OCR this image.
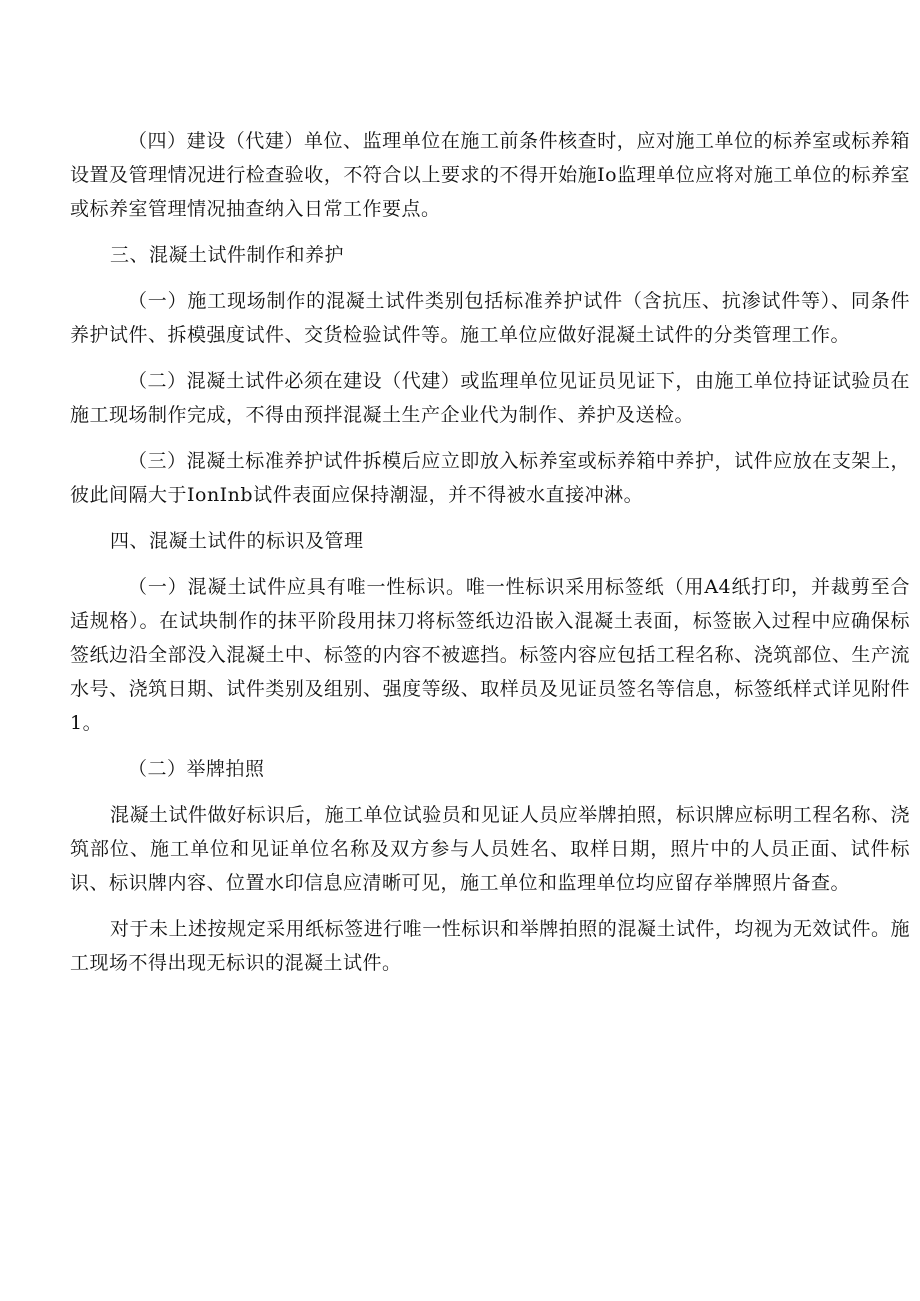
（四）建设（代建）单位、监理单位在施工前条件核查时，应对施工单位的标养室或标养箱设置及管理情况进行检查验收，不符合以上要求的不得开始施Io监理单位应将对施工单位的标养室或标养室管理情况抽查纳入日常工作要点。

三、混凝土试件制作和养护

（一）施工现场制作的混凝土试件类别包括标准养护试件（含抗压、抗渗试件等）、同条件养护试件、拆模强度试件、交货检验试件等。施工单位应做好混凝土试件的分类管理工作。

（二）混凝土试件必须在建设（代建）或监理单位见证员见证下，由施工单位持证试验员在施工现场制作完成，不得由预拌混凝土生产企业代为制作、养护及送检。

（三）混凝土标准养护试件拆模后应立即放入标养室或标养箱中养护，试件应放在支架上，彼此间隔大于IonInb试件表面应保持潮湿，并不得被水直接冲淋。

四、混凝土试件的标识及管理

（一）混凝土试件应具有唯一性标识。唯一性标识采用标签纸（用A4纸打印，并裁剪至合适规格）。在试块制作的抹平阶段用抹刀将标签纸边沿嵌入混凝土表面，标签嵌入过程中应确保标签纸边沿全部没入混凝土中、标签的内容不被遮挡。标签内容应包括工程名称、浇筑部位、生产流水号、浇筑日期、试件类别及组别、强度等级、取样员及见证员签名等信息，标签纸样式详见附件1。

（二）举牌拍照

混凝土试件做好标识后，施工单位试验员和见证人员应举牌拍照，标识牌应标明工程名称、浇筑部位、施工单位和见证单位名称及双方参与人员姓名、取样日期，照片中的人员正面、试件标识、标识牌内容、位置水印信息应清晰可见，施工单位和监理单位均应留存举牌照片备查。

对于未上述按规定采用纸标签进行唯一性标识和举牌拍照的混凝土试件，均视为无效试件。施工现场不得出现无标识的混凝土试件。
